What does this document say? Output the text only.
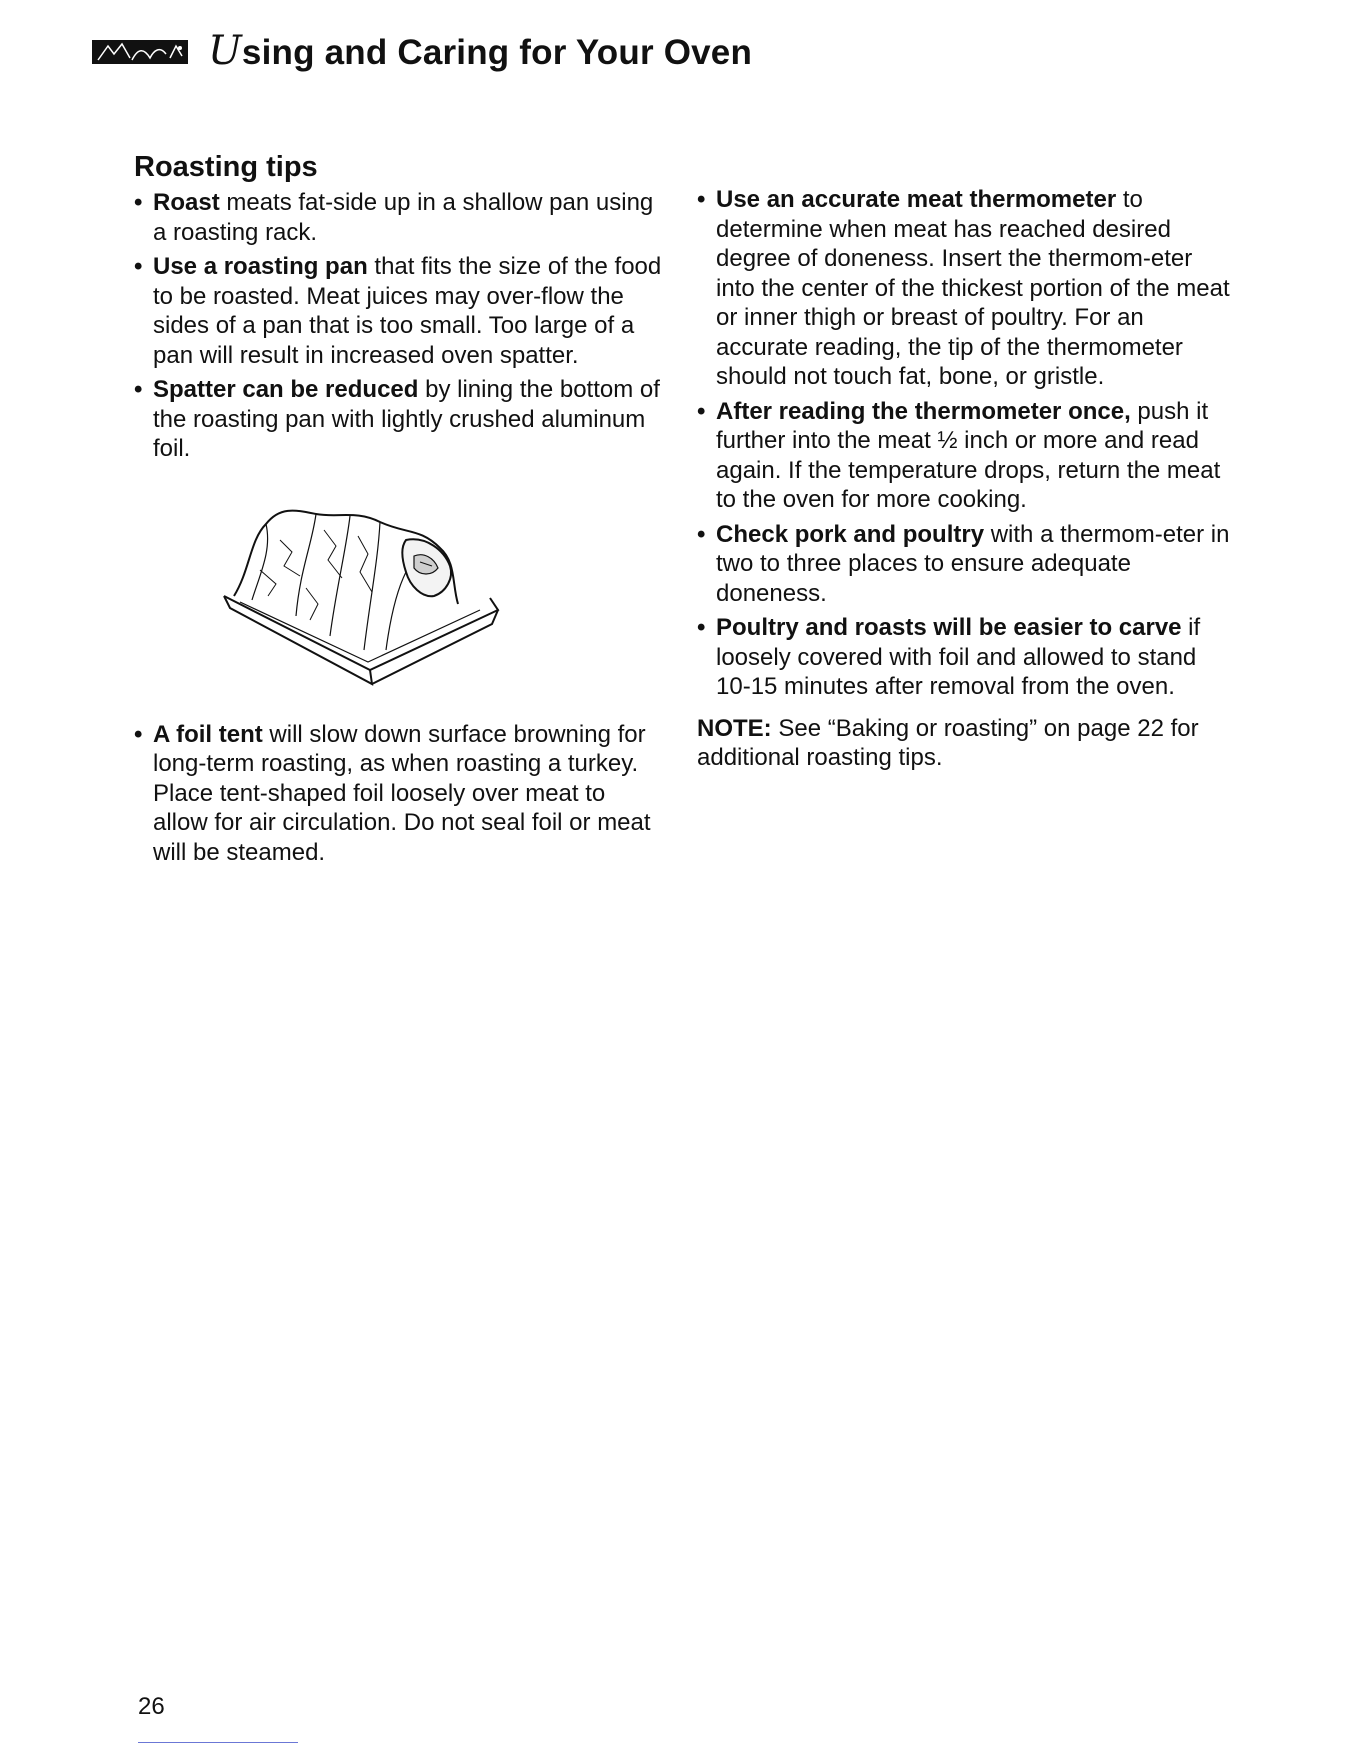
Using and Caring for Your Oven
Roasting tips

• Roast meats fat-side up in a shallow pan using a roasting rack.

• Use a roasting pan that fits the size of the food to be roasted. Meat juices may over-flow the sides of a pan that is too small. Too large of a pan will result in increased oven spatter.

• Spatter can be reduced by lining the bottom of the roasting pan with lightly crushed aluminum foil.

• A foil tent will slow down surface browning for long-term roasting, as when roasting a turkey. Place tent-shaped foil loosely over meat to allow for air circulation. Do not seal foil or meat will be steamed.

• Use an accurate meat thermometer to determine when meat has reached desired degree of doneness. Insert the thermom-eter into the center of the thickest portion of the meat or inner thigh or breast of poultry. For an accurate reading, the tip of the thermometer should not touch fat, bone, or gristle.

• After reading the thermometer once, push it further into the meat ½ inch or more and read again. If the temperature drops, return the meat to the oven for more cooking.

• Check pork and poultry with a thermom-eter in two to three places to ensure adequate doneness.

• Poultry and roasts will be easier to carve if loosely covered with foil and allowed to stand 10-15 minutes after removal from the oven.

NOTE: See “Baking or roasting” on page 22 for additional roasting tips.

26
